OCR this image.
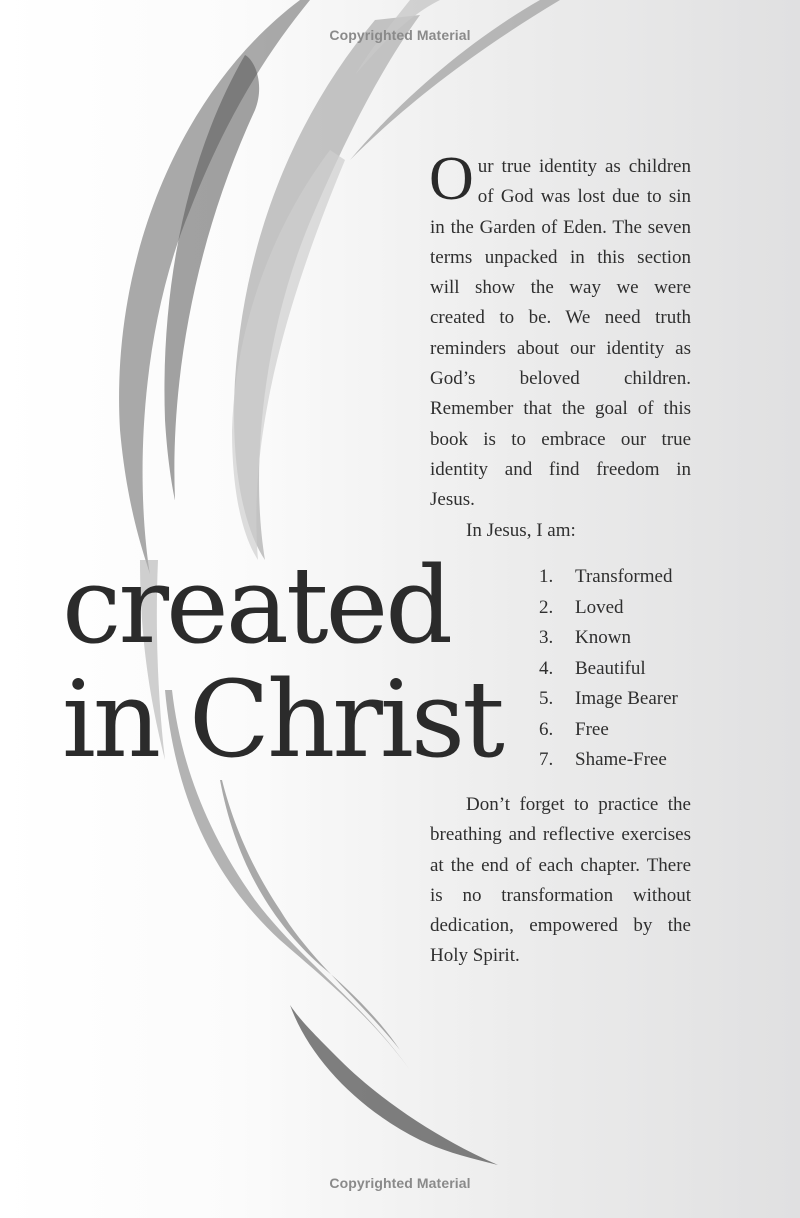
Copyrighted Material

Our true identity as children of God was lost due to sin in the Garden of Eden. The seven terms unpacked in this section will show the way we were created to be. We need truth reminders about our identity as God’s beloved children. Remember that the goal of this book is to embrace our true identity and find freedom in Jesus.

In Jesus, I am:

1.	Transformed
2.	Loved
3.	Known
4.	Beautiful
5.	Image Bearer
6.	Free
7.	Shame-Free
created
in Christ

Don’t forget to practice the breathing and reflective exercises at the end of each chapter. There is no transformation without dedication, empowered by the Holy Spirit.

Copyrighted Material
